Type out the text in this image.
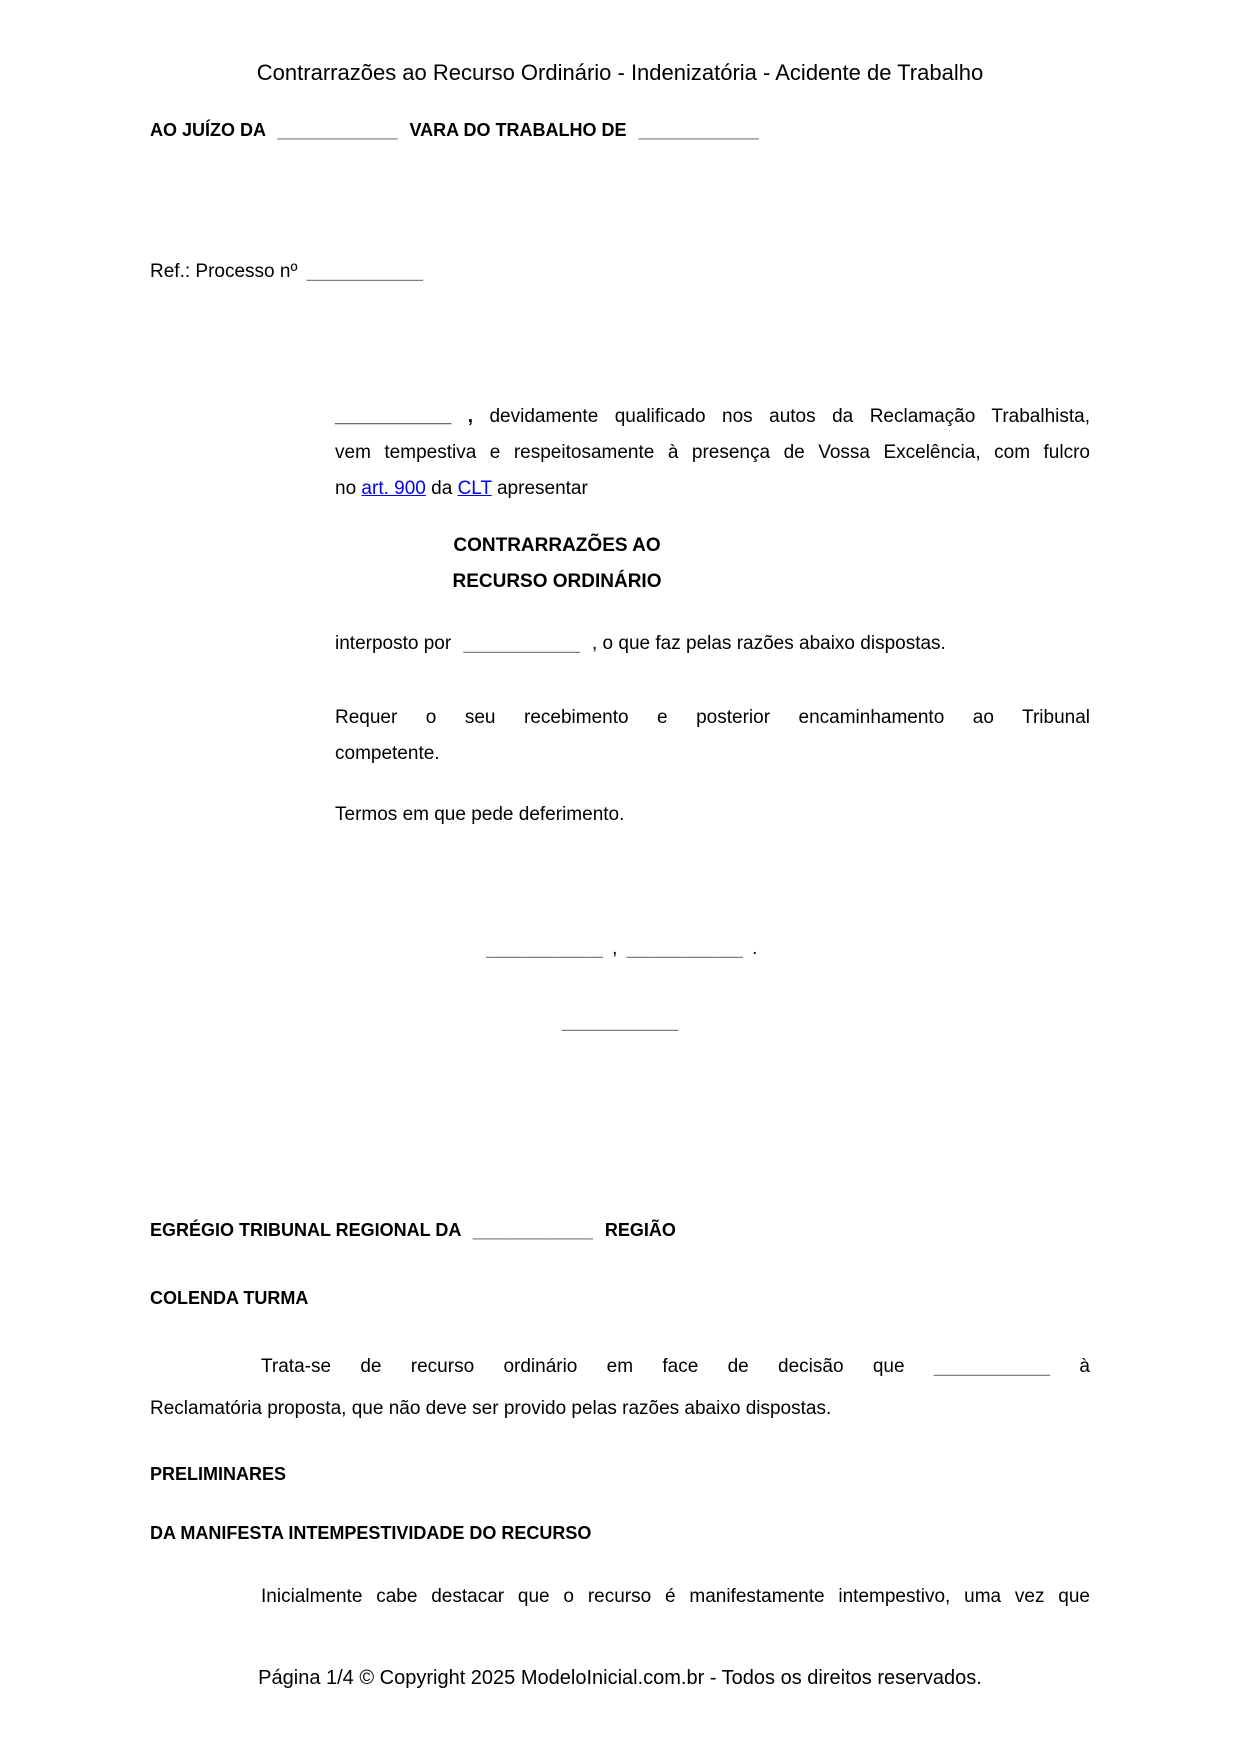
Contrarrazões ao Recurso Ordinário - Indenizatória - Acidente de Trabalho
AO JUÍZO DA ____________ VARA DO TRABALHO DE ____________
Ref.: Processo nº ___________
___________ , devidamente qualificado nos autos da Reclamação Trabalhista,
vem tempestiva e respeitosamente à presença de Vossa Excelência, com fulcro
no art. 900 da CLT apresentar
CONTRARRAZÕES AO
RECURSO ORDINÁRIO
interposto por ___________ , o que faz pelas razões abaixo dispostas.
Requer o seu recebimento e posterior encaminhamento ao Tribunal
competente.
Termos em que pede deferimento.
___________ , ___________ .
___________
EGRÉGIO TRIBUNAL REGIONAL DA ____________ REGIÃO
COLENDA TURMA
Trata-se de recurso ordinário em face de decisão que ___________ à
Reclamatória proposta, que não deve ser provido pelas razões abaixo dispostas.
PRELIMINARES
DA MANIFESTA INTEMPESTIVIDADE DO RECURSO
Inicialmente cabe destacar que o recurso é manifestamente intempestivo, uma vez que
Página 1/4 © Copyright 2025 ModeloInicial.com.br - Todos os direitos reservados.
